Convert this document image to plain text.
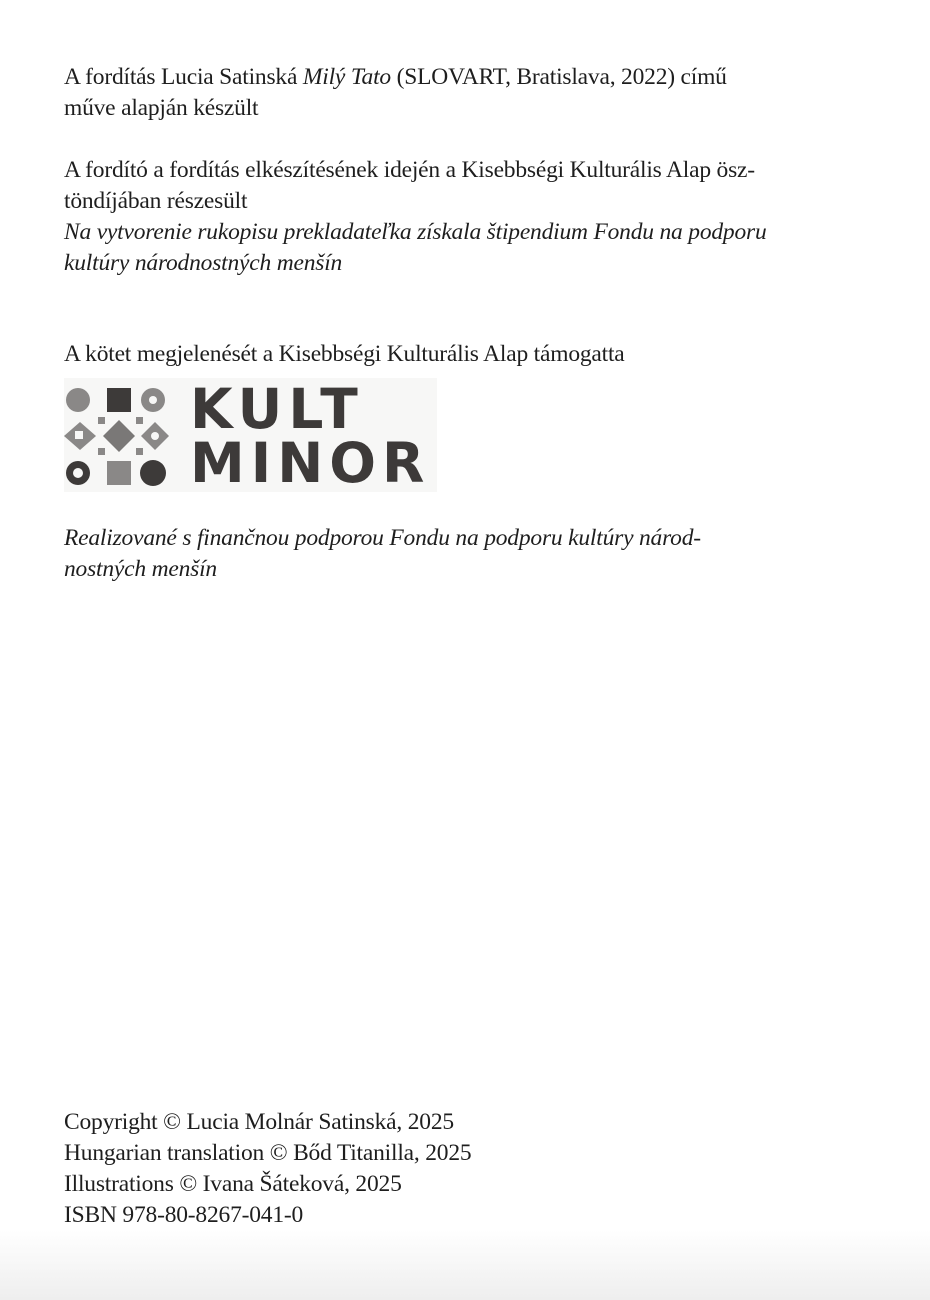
A fordítás Lucia Satinská Milý Tato (SLOVART, Bratislava, 2022) című
műve alapján készült
A fordító a fordítás elkészítésének idején a Kisebbségi Kulturális Alap ösz-
töndíjában részesült
Na vytvorenie rukopisu prekladateľka získala štipendium Fondu na podporu
kultúry národnostných menšín
A kötet megjelenését a Kisebbségi Kulturális Alap támogatta
KULT
MINOR
Realizované s finančnou podporou Fondu na podporu kultúry národ-
nostných menšín
Copyright © Lucia Molnár Satinská, 2025
Hungarian translation © Bőd Titanilla, 2025
Illustrations © Ivana Šáteková, 2025
ISBN 978-80-8267-041-0
